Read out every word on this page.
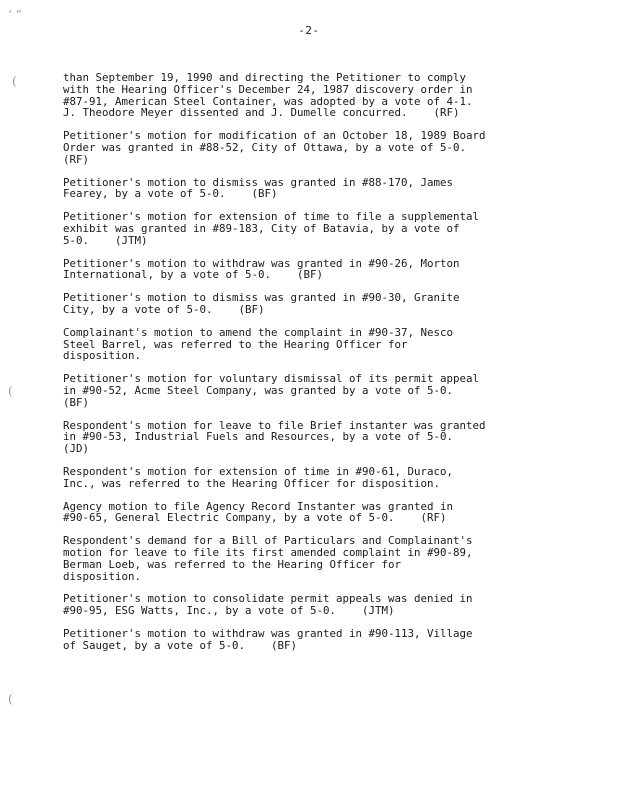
-2-
‘ ”
(
(
(

than September 19, 1990 and directing the Petitioner to comply
with the Hearing Officer's December 24, 1987 discovery order in
#87-91, American Steel Container, was adopted by a vote of 4-1.
J. Theodore Meyer dissented and J. Dumelle concurred.    (RF)

Petitioner's motion for modification of an October 18, 1989 Board
Order was granted in #88-52, City of Ottawa, by a vote of 5-0.
(RF)

Petitioner's motion to dismiss was granted in #88-170, James
Fearey, by a vote of 5-0.    (BF)

Petitioner's motion for extension of time to file a supplemental
exhibit was granted in #89-183, City of Batavia, by a vote of
5-0.    (JTM)

Petitioner's motion to withdraw was granted in #90-26, Morton
International, by a vote of 5-0.    (BF)

Petitioner's motion to dismiss was granted in #90-30, Granite
City, by a vote of 5-0.    (BF)

Complainant's motion to amend the complaint in #90-37, Nesco
Steel Barrel, was referred to the Hearing Officer for
disposition.

Petitioner's motion for voluntary dismissal of its permit appeal
in #90-52, Acme Steel Company, was granted by a vote of 5-0.
(BF)

Respondent's motion for leave to file Brief instanter was granted
in #90-53, Industrial Fuels and Resources, by a vote of 5-0.
(JD)

Respondent's motion for extension of time in #90-61, Duraco,
Inc., was referred to the Hearing Officer for disposition.

Agency motion to file Agency Record Instanter was granted in
#90-65, General Electric Company, by a vote of 5-0.    (RF)

Respondent's demand for a Bill of Particulars and Complainant's
motion for leave to file its first amended complaint in #90-89,
Berman Loeb, was referred to the Hearing Officer for
disposition.

Petitioner's motion to consolidate permit appeals was denied in
#90-95, ESG Watts, Inc., by a vote of 5-0.    (JTM)

Petitioner's motion to withdraw was granted in #90-113, Village
of Sauget, by a vote of 5-0.    (BF)
